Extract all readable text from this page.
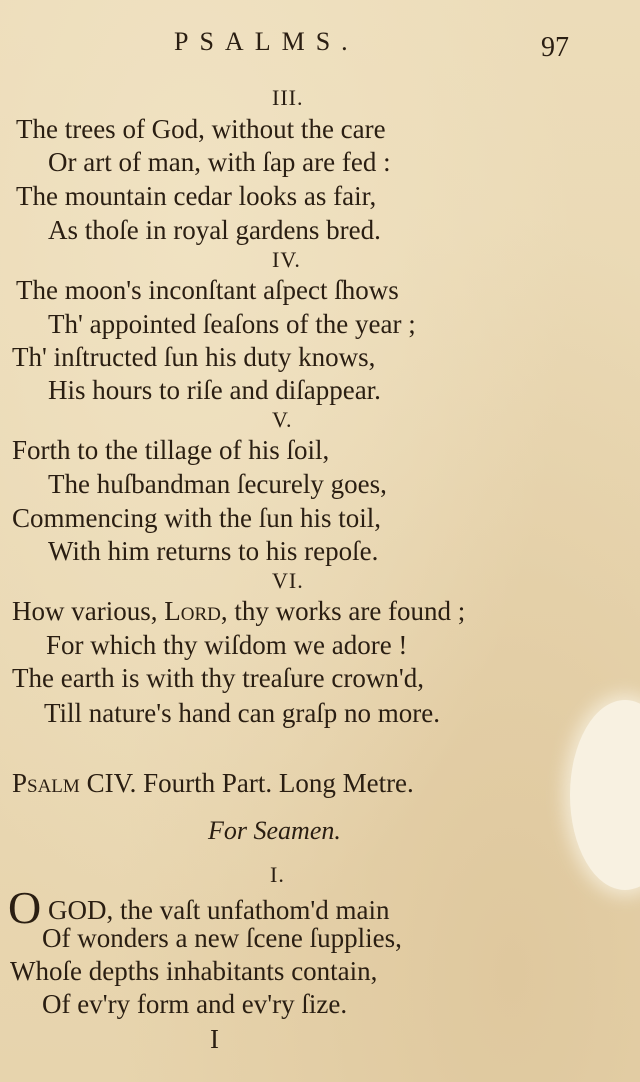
PSALMS.	97
III.
The trees of God, without the care
Or art of man, with ſap are fed :
The mountain cedar looks as fair,
As thoſe in royal gardens bred.
IV.
The moon's inconſtant aſpect ſhows
Th' appointed ſeaſons of the year ;
Th' inſtructed ſun his duty knows,
His hours to riſe and diſappear.
V.
Forth to the tillage of his ſoil,
The huſbandman ſecurely goes,
Commencing with the ſun his toil,
With him returns to his repoſe.
VI.
How various, Lord, thy works are found ;
For which thy wiſdom we adore !
The earth is with thy treaſure crown'd,
Till nature's hand can graſp no more.
Psalm CIV. Fourth Part. Long Metre.
For Seamen.
I.
O GOD, the vaſt unfathom'd main
Of wonders a new ſcene ſupplies,
Whoſe depths inhabitants contain,
Of ev'ry form and ev'ry ſize.
I
